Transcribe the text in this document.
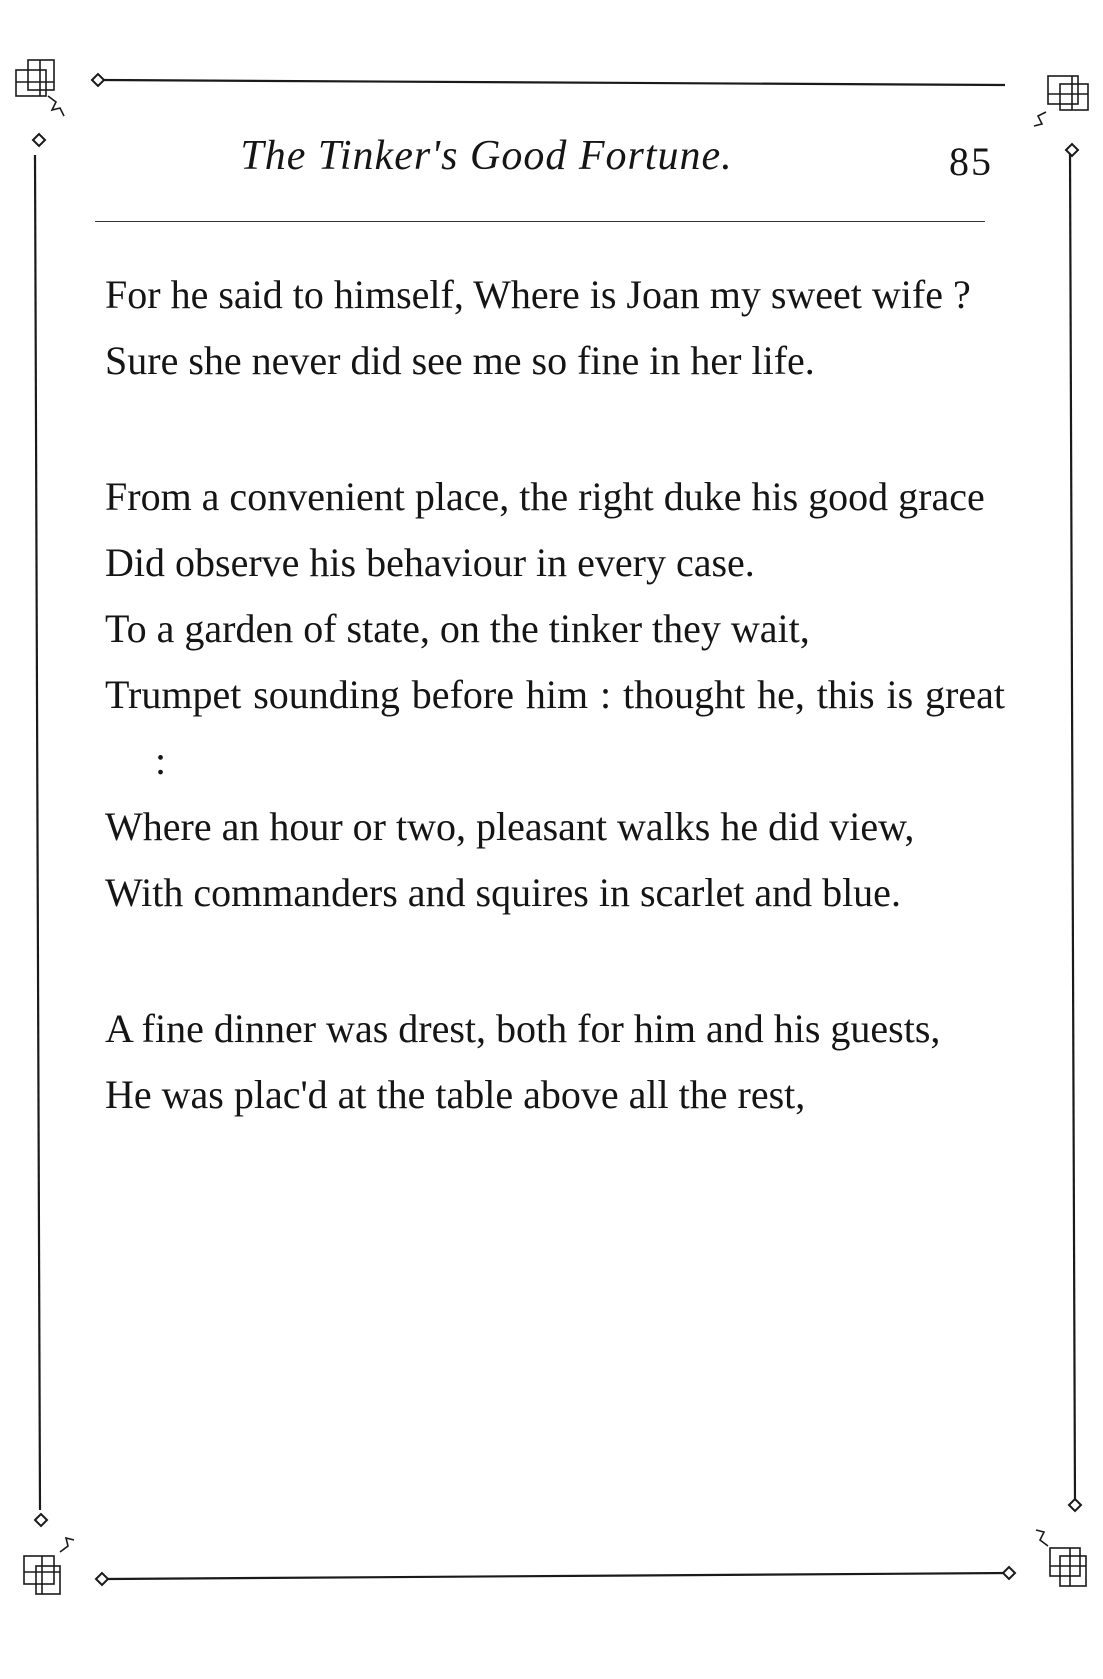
The Tinker's Good Fortune.	85
For he said to himself, Where is Joan my sweet wife ?
Sure she never did see me so fine in her life.
From a convenient place, the right duke his good grace
Did observe his behaviour in every case.
To a garden of state, on the tinker they wait,
Trumpet sounding before him : thought he, this is great :
Where an hour or two, pleasant walks he did view,
With commanders and squires in scarlet and blue.
A fine dinner was drest, both for him and his guests,
He was plac'd at the table above all the rest,
